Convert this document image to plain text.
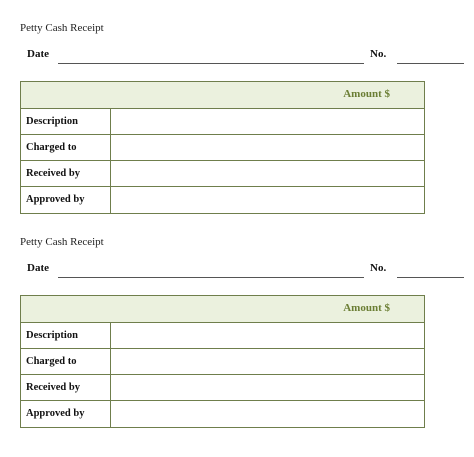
Petty Cash Receipt
Date	No.
Amount $
Description
Charged to
Received by
Approved by
Petty Cash Receipt
Date	No.
Amount $
Description
Charged to
Received by
Approved by
